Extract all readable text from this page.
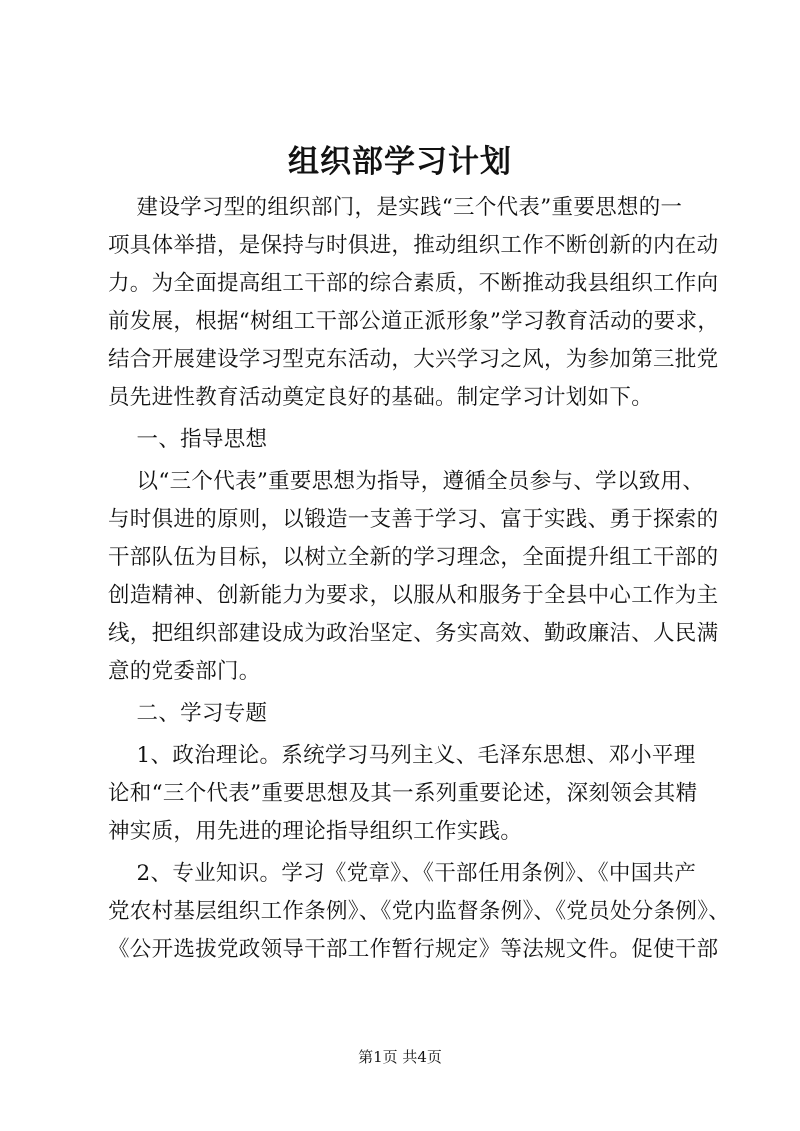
组织部学习计划
建设学习型的组织部门，是实践“三个代表”重要思想的一
项具体举措，是保持与时俱进，推动组织工作不断创新的内在动
力。为全面提高组工干部的综合素质，不断推动我县组织工作向
前发展，根据“树组工干部公道正派形象”学习教育活动的要求，
结合开展建设学习型克东活动，大兴学习之风，为参加第三批党
员先进性教育活动奠定良好的基础。制定学习计划如下。
一、指导思想
以“三个代表”重要思想为指导，遵循全员参与、学以致用、
与时俱进的原则，以锻造一支善于学习、富于实践、勇于探索的
干部队伍为目标，以树立全新的学习理念，全面提升组工干部的
创造精神、创新能力为要求，以服从和服务于全县中心工作为主
线，把组织部建设成为政治坚定、务实高效、勤政廉洁、人民满
意的党委部门。
二、学习专题
1、政治理论。系统学习马列主义、毛泽东思想、邓小平理
论和“三个代表”重要思想及其一系列重要论述，深刻领会其精
神实质，用先进的理论指导组织工作实践。
2、专业知识。学习《党章》、《干部任用条例》、《中国共产
党农村基层组织工作条例》、《党内监督条例》、《党员处分条例》、
《公开选拔党政领导干部工作暂行规定》等法规文件。促使干部
第1页 共4页
